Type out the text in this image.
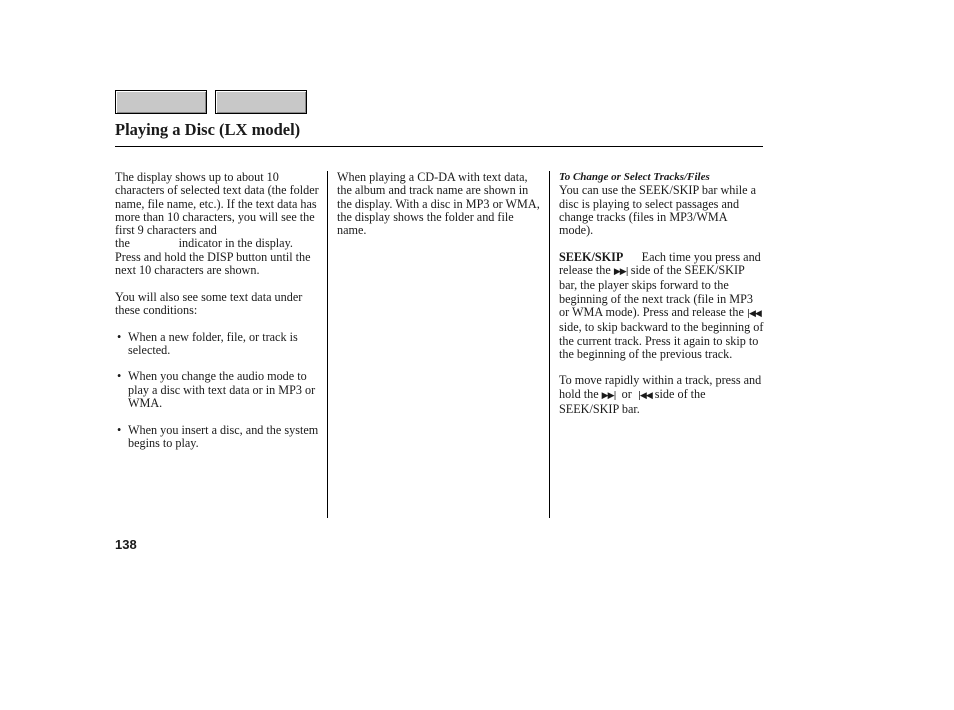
Playing a Disc (LX model)

The display shows up to about 10 characters of selected text data (the folder name, file name, etc.). If the text data has more than 10 characters, you will see the first 9 characters and the	indicator in the display. Press and hold the DISP button until the next 10 characters are shown.

You will also see some text data under these conditions:

• When a new folder, file, or track is selected.

• When you change the audio mode to play a disc with text data or in MP3 or WMA.

• When you insert a disc, and the system begins to play.

When playing a CD-DA with text data, the album and track name are shown in the display. With a disc in MP3 or WMA, the display shows the folder and file name.

To Change or Select Tracks/Files

You can use the SEEK/SKIP bar while a disc is playing to select passages and change tracks (files in MP3/WMA mode).

SEEK/SKIP Each time you press and release the ▶▶| side of the SEEK/SKIP bar, the player skips forward to the beginning of the next track (file in MP3 or WMA mode). Press and release the |◀◀ side, to skip backward to the beginning of the current track. Press it again to skip to the beginning of the previous track.

To move rapidly within a track, press and hold the ▶▶| or |◀◀ side of the SEEK/SKIP bar.

138
